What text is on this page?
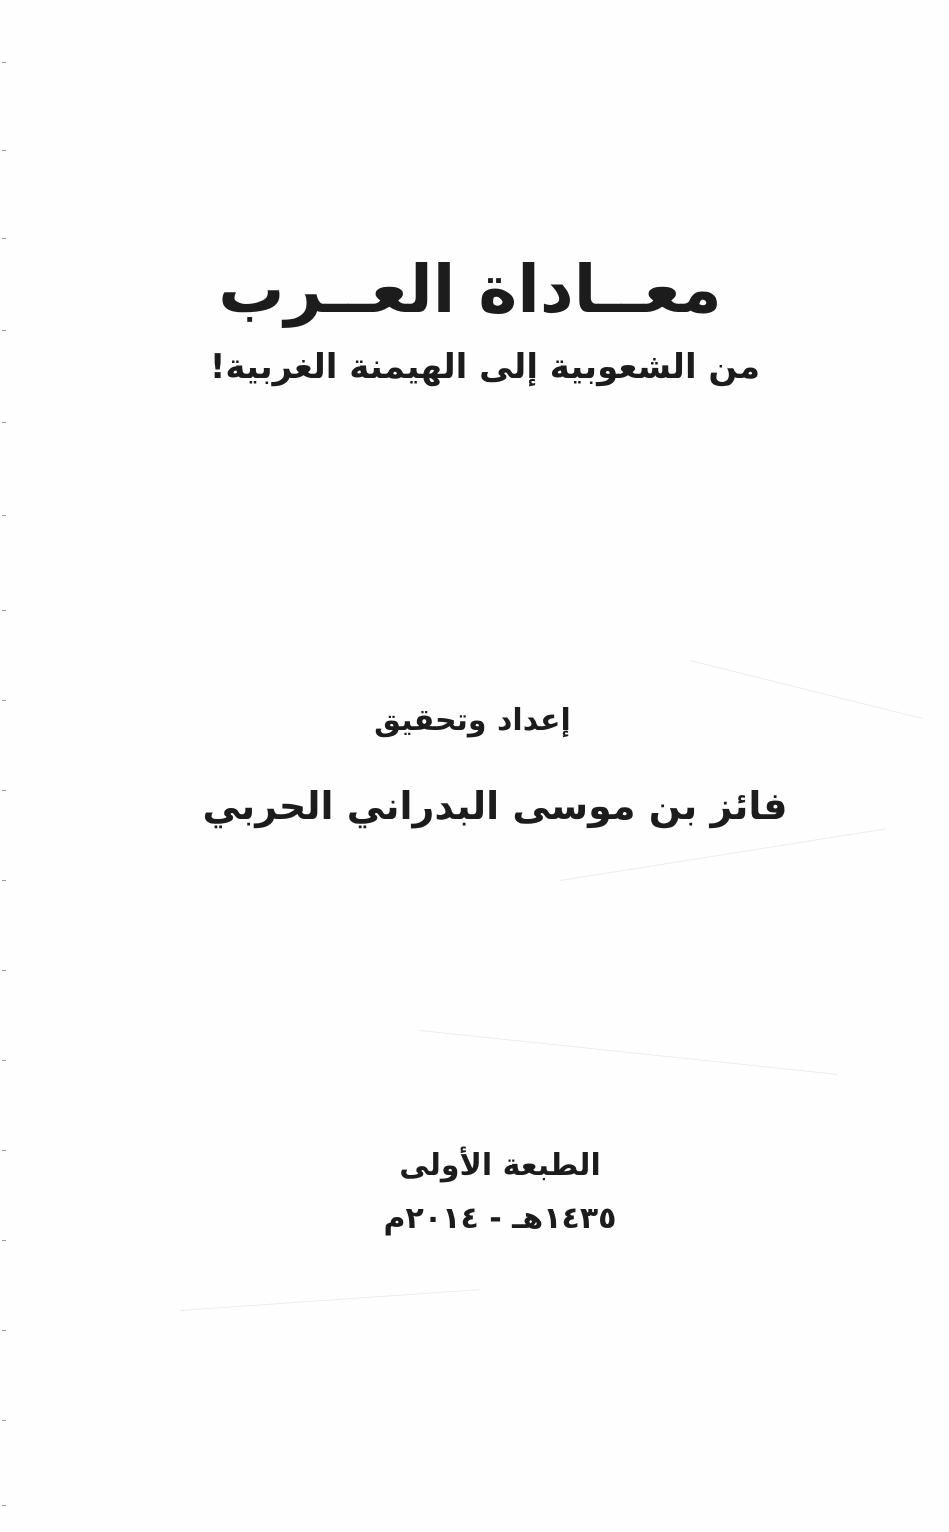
معــاداة العــرب
من الشعوبية إلى الهيمنة الغربية!
إعداد وتحقيق
فائز بن موسى البدراني الحربي
الطبعة الأولى
١٤٣٥هـ - ٢٠١٤م
